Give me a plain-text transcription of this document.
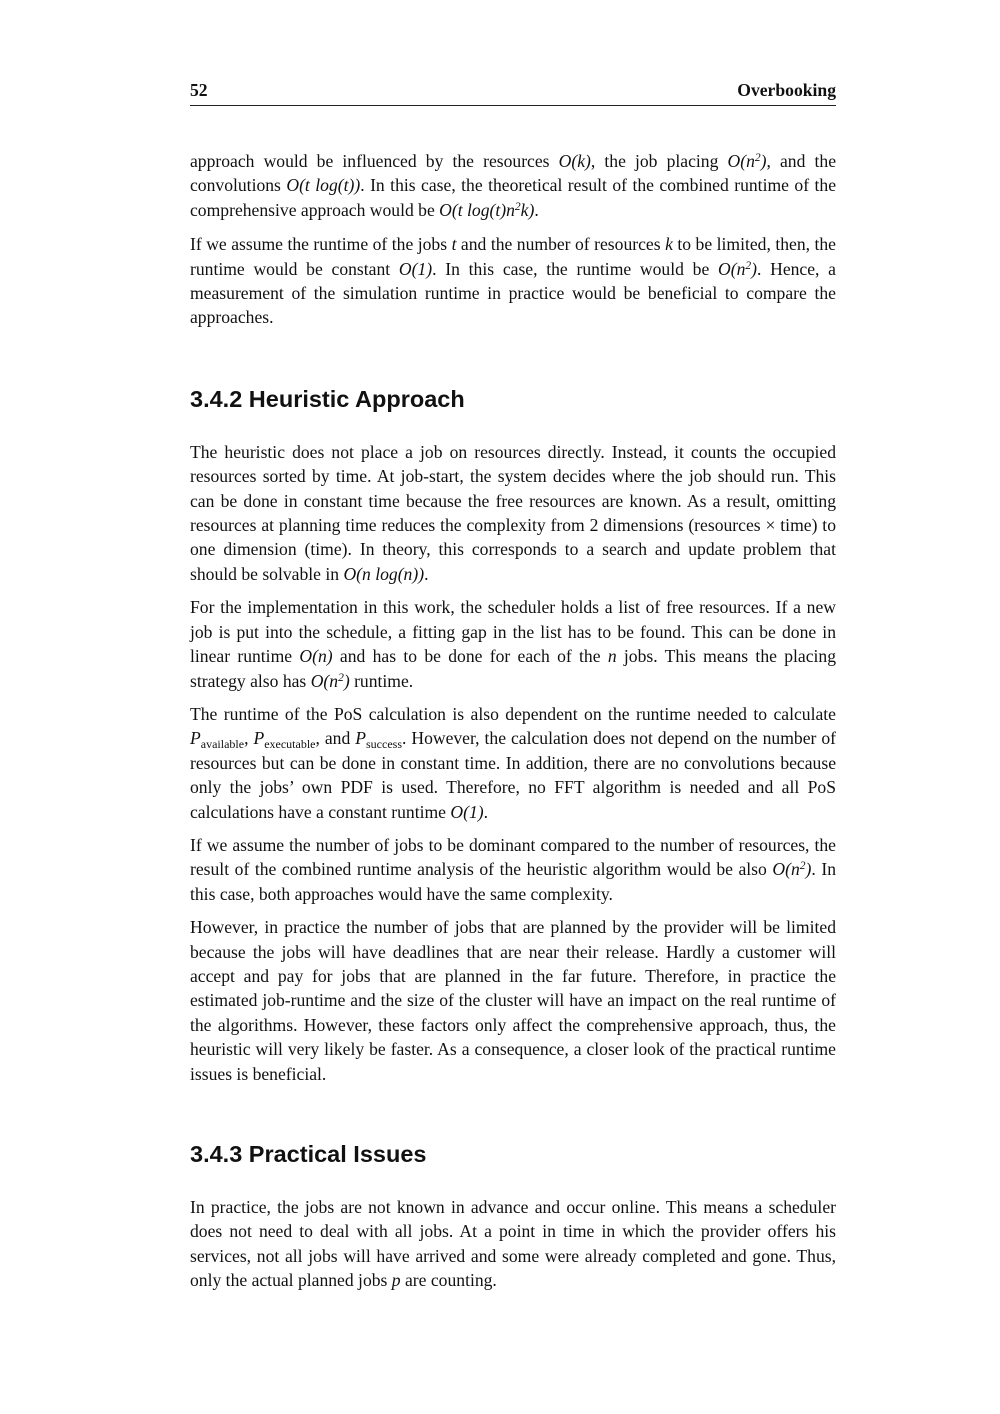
52	Overbooking

approach would be influenced by the resources O(k), the job placing $O(n^2)$, and the convolutions O(t log(t)). In this case, the theoretical result of the combined runtime of the comprehensive approach would be O(t $\log(t)n^2k$).

If we assume the runtime of the jobs t and the number of resources k to be limited, then, the runtime would be constant O(1). In this case, the runtime would be $O(n^2)$. Hence, a measurement of the simulation runtime in practice would be beneficial to compare the approaches.

3.4.2 Heuristic Approach

The heuristic does not place a job on resources directly. Instead, it counts the occupied resources sorted by time. At job-start, the system decides where the job should run. This can be done in constant time because the free resources are known. As a result, omitting resources at planning time reduces the complexity from 2 dimensions (resources × time) to one dimension (time). In theory, this corresponds to a search and update problem that should be solvable in O(n log(n)).

For the implementation in this work, the scheduler holds a list of free resources. If a new job is put into the schedule, a fitting gap in the list has to be found. This can be done in linear runtime O(n) and has to be done for each of the n jobs. This means the placing strategy also has $O(n^2)$ runtime.

The runtime of the PoS calculation is also dependent on the runtime needed to calculate $P_{available}$, $P_{executable}$, and $P_{success}$. However, the calculation does not depend on the number of resources but can be done in constant time. In addition, there are no convolutions because only the jobs’ own PDF is used. Therefore, no FFT algorithm is needed and all PoS calculations have a constant runtime O(1).

If we assume the number of jobs to be dominant compared to the number of resources, the result of the combined runtime analysis of the heuristic algorithm would be also $O(n^2)$. In this case, both approaches would have the same complexity.

However, in practice the number of jobs that are planned by the provider will be limited because the jobs will have deadlines that are near their release. Hardly a customer will accept and pay for jobs that are planned in the far future. Therefore, in practice the estimated job-runtime and the size of the cluster will have an impact on the real runtime of the algorithms. However, these factors only affect the comprehensive approach, thus, the heuristic will very likely be faster. As a consequence, a closer look of the practical runtime issues is beneficial.

3.4.3 Practical Issues

In practice, the jobs are not known in advance and occur online. This means a scheduler does not need to deal with all jobs. At a point in time in which the provider offers his services, not all jobs will have arrived and some were already completed and gone. Thus, only the actual planned jobs p are counting.
